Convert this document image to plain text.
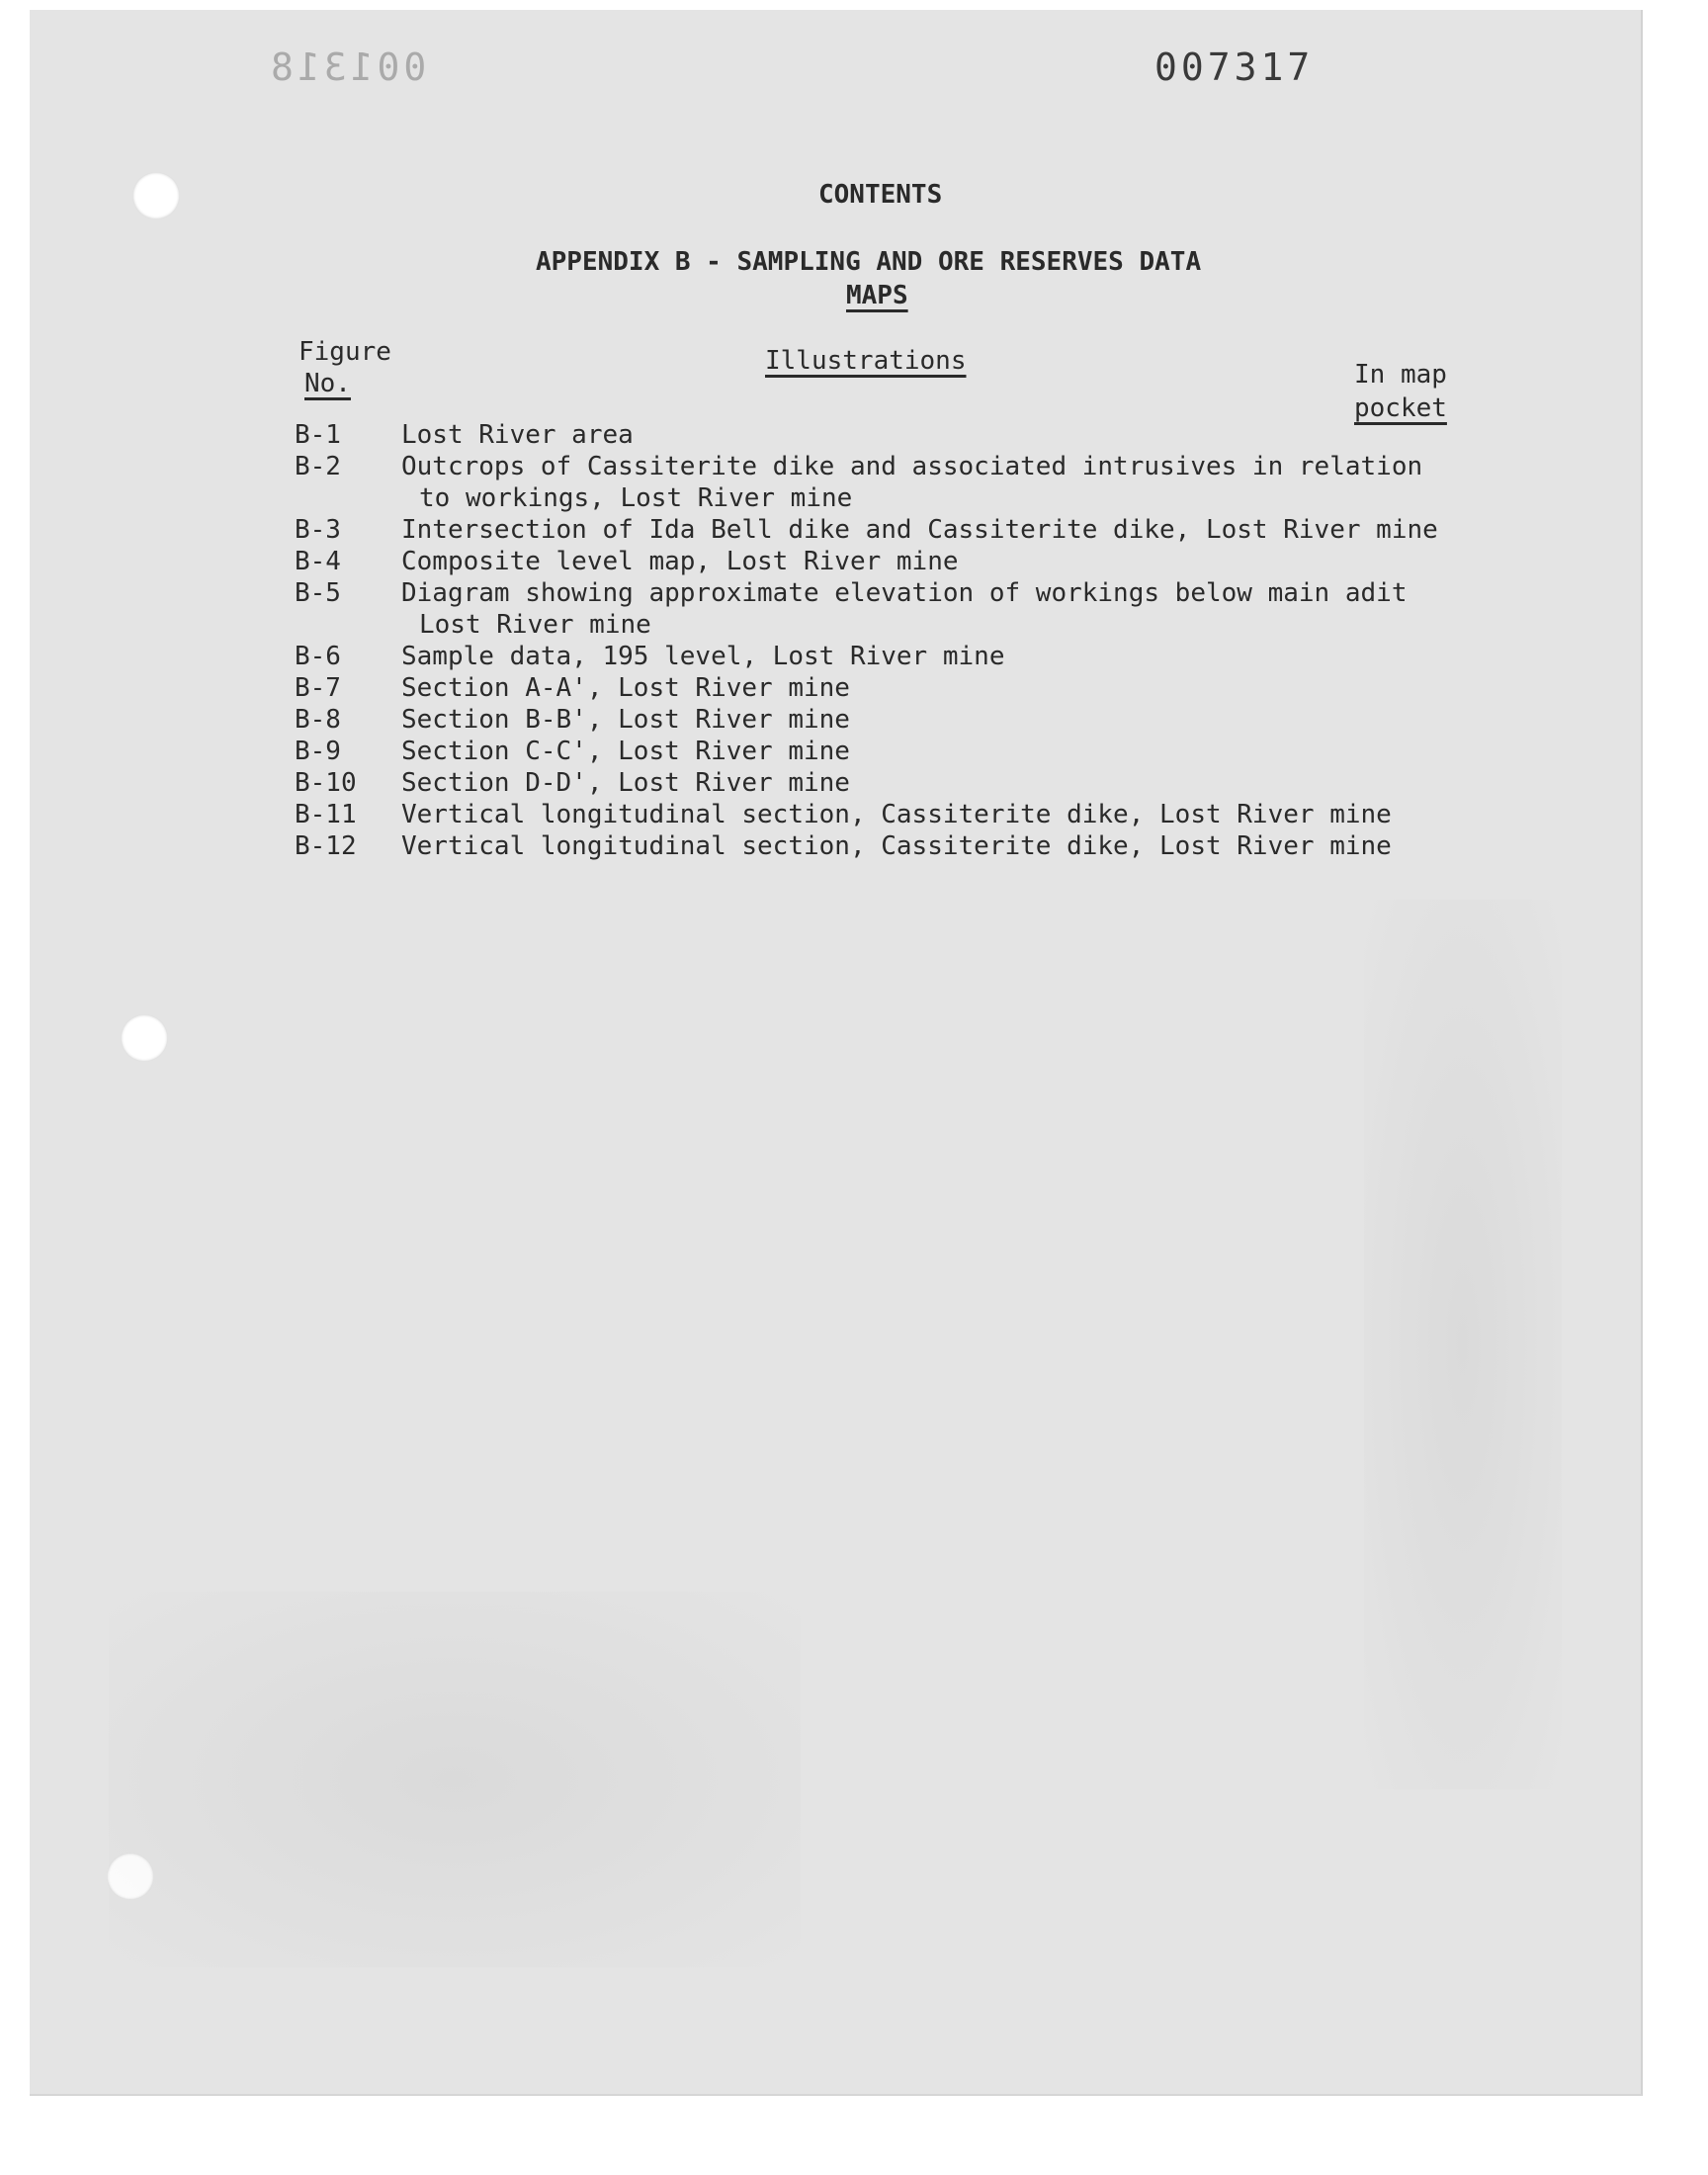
001318	007317
CONTENTS
APPENDIX B - SAMPLING AND ORE RESERVES DATA
MAPS
Figure
No.
Illustrations	In map
pocket
B-1	Lost River area
B-2	Outcrops of Cassiterite dike and associated intrusives in relation
to workings, Lost River mine
B-3	Intersection of Ida Bell dike and Cassiterite dike, Lost River mine
B-4	Composite level map, Lost River mine
B-5	Diagram showing approximate elevation of workings below main adit
Lost River mine
B-6	Sample data, 195 level, Lost River mine
B-7	Section A-A', Lost River mine
B-8	Section B-B', Lost River mine
B-9	Section C-C', Lost River mine
B-10	Section D-D', Lost River mine
B-11	Vertical longitudinal section, Cassiterite dike, Lost River mine
B-12	Vertical longitudinal section, Cassiterite dike, Lost River mine
